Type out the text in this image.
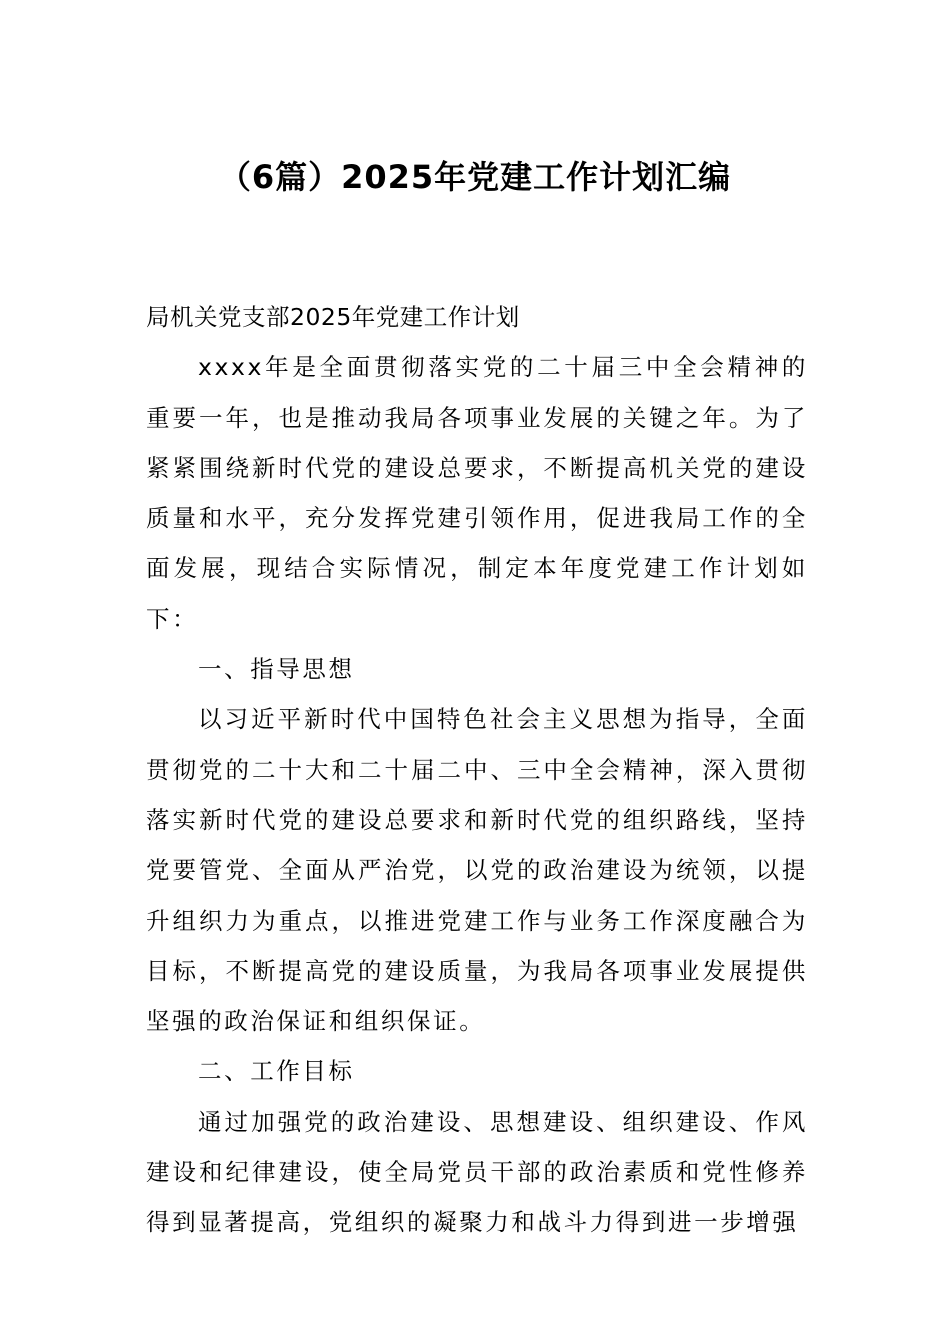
（6篇）2025年党建工作计划汇编

局机关党支部2025年党建工作计划

xxxx年是全面贯彻落实党的二十届三中全会精神的重要一年，也是推动我局各项事业发展的关键之年。为了紧紧围绕新时代党的建设总要求，不断提高机关党的建设质量和水平，充分发挥党建引领作用，促进我局工作的全面发展，现结合实际情况，制定本年度党建工作计划如下：

一、指导思想

以习近平新时代中国特色社会主义思想为指导，全面贯彻党的二十大和二十届二中、三中全会精神，深入贯彻落实新时代党的建设总要求和新时代党的组织路线，坚持党要管党、全面从严治党，以党的政治建设为统领，以提升组织力为重点，以推进党建工作与业务工作深度融合为目标，不断提高党的建设质量，为我局各项事业发展提供坚强的政治保证和组织保证。

二、工作目标

通过加强党的政治建设、思想建设、组织建设、作风建设和纪律建设，使全局党员干部的政治素质和党性修养得到显著提高，党组织的凝聚力和战斗力得到进一步增强
